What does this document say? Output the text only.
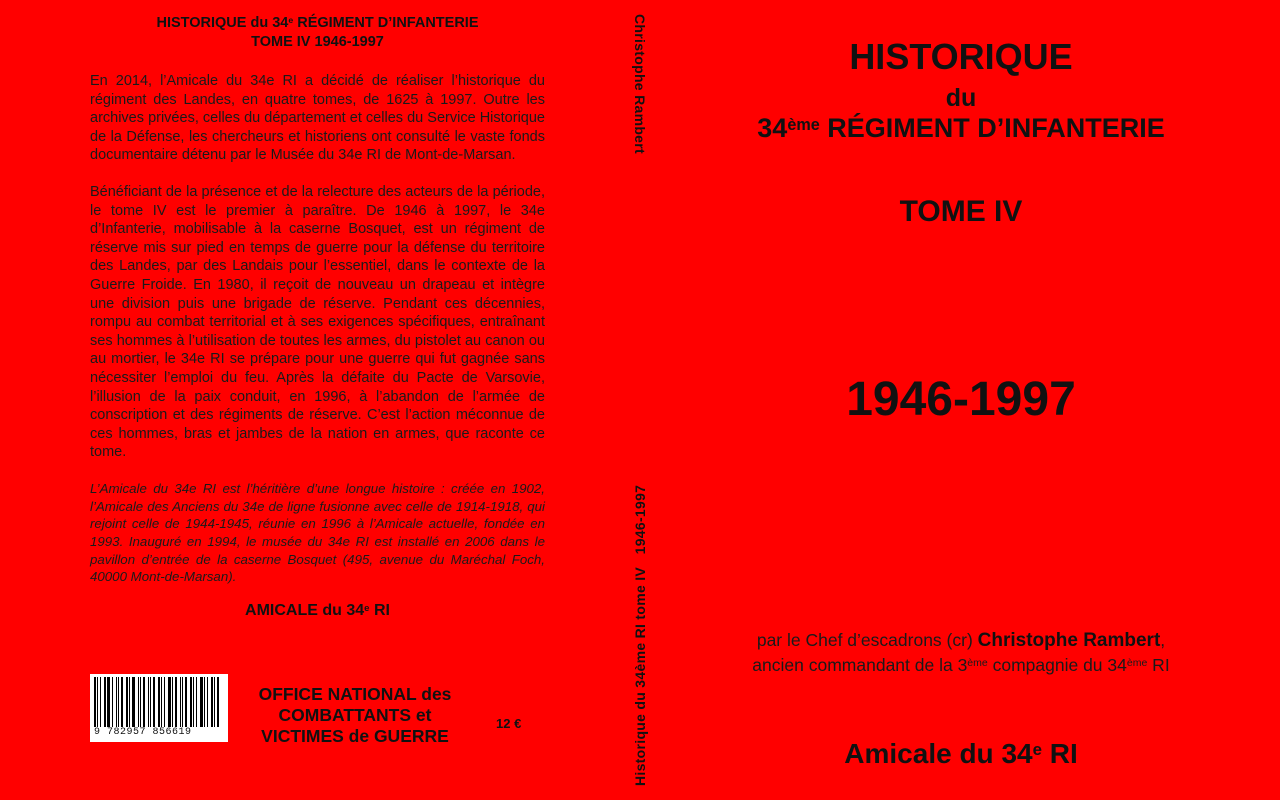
HISTORIQUE du 34e RÉGIMENT D’INFANTERIE
TOME IV 1946-1997

En 2014, l’Amicale du 34e RI a décidé de réaliser l’historique du régiment des Landes, en quatre tomes, de 1625 à 1997. Outre les archives privées, celles du département et celles du Service Historique de la Défense, les chercheurs et historiens ont consulté le vaste fonds documentaire détenu par le Musée du 34e RI de Mont-de-Marsan.

Bénéficiant de la présence et de la relecture des acteurs de la période, le tome IV est le premier à paraître. De 1946 à 1997, le 34e d’Infanterie, mobilisable à la caserne Bosquet, est un régiment de réserve mis sur pied en temps de guerre pour la défense du territoire des Landes, par des Landais pour l’essentiel, dans le contexte de la Guerre Froide. En 1980, il reçoit de nouveau un drapeau et intègre une division puis une brigade de réserve. Pendant ces décennies, rompu au combat territorial et à ses exigences spécifiques, entraînant ses hommes à l’utilisation de toutes les armes, du pistolet au canon ou au mortier, le 34e RI se prépare pour une guerre qui fut gagnée sans nécessiter l’emploi du feu. Après la défaite du Pacte de Varsovie, l’illusion de la paix conduit, en 1996, à l’abandon de l’armée de conscription et des régiments de réserve. C’est l’action méconnue de ces hommes, bras et jambes de la nation en armes, que raconte ce tome.

L’Amicale du 34e RI est l’héritière d’une longue histoire : créée en 1902, l’Amicale des Anciens du 34e de ligne fusionne avec celle de 1914-1918, qui rejoint celle de 1944-1945, réunie en 1996 à l’Amicale actuelle, fondée en 1993. Inauguré en 1994, le musée du 34e RI est installé en 2006 dans le pavillon d’entrée de la caserne Bosquet (495, avenue du Maréchal Foch, 40000 Mont-de-Marsan).

AMICALE du 34e RI
9 782957 856619
OFFICE NATIONAL des COMBATTANTS et VICTIMES de GUERRE
12 €
Christophe Rambert
Historique du 34ème RI tome IV   1946-1997
HISTORIQUE
du
34ème RÉGIMENT D’INFANTERIE
TOME IV
1946-1997
par le Chef d’escadrons (cr) Christophe Rambert,
ancien commandant de la 3ème compagnie du 34ème RI
Amicale du 34e RI
